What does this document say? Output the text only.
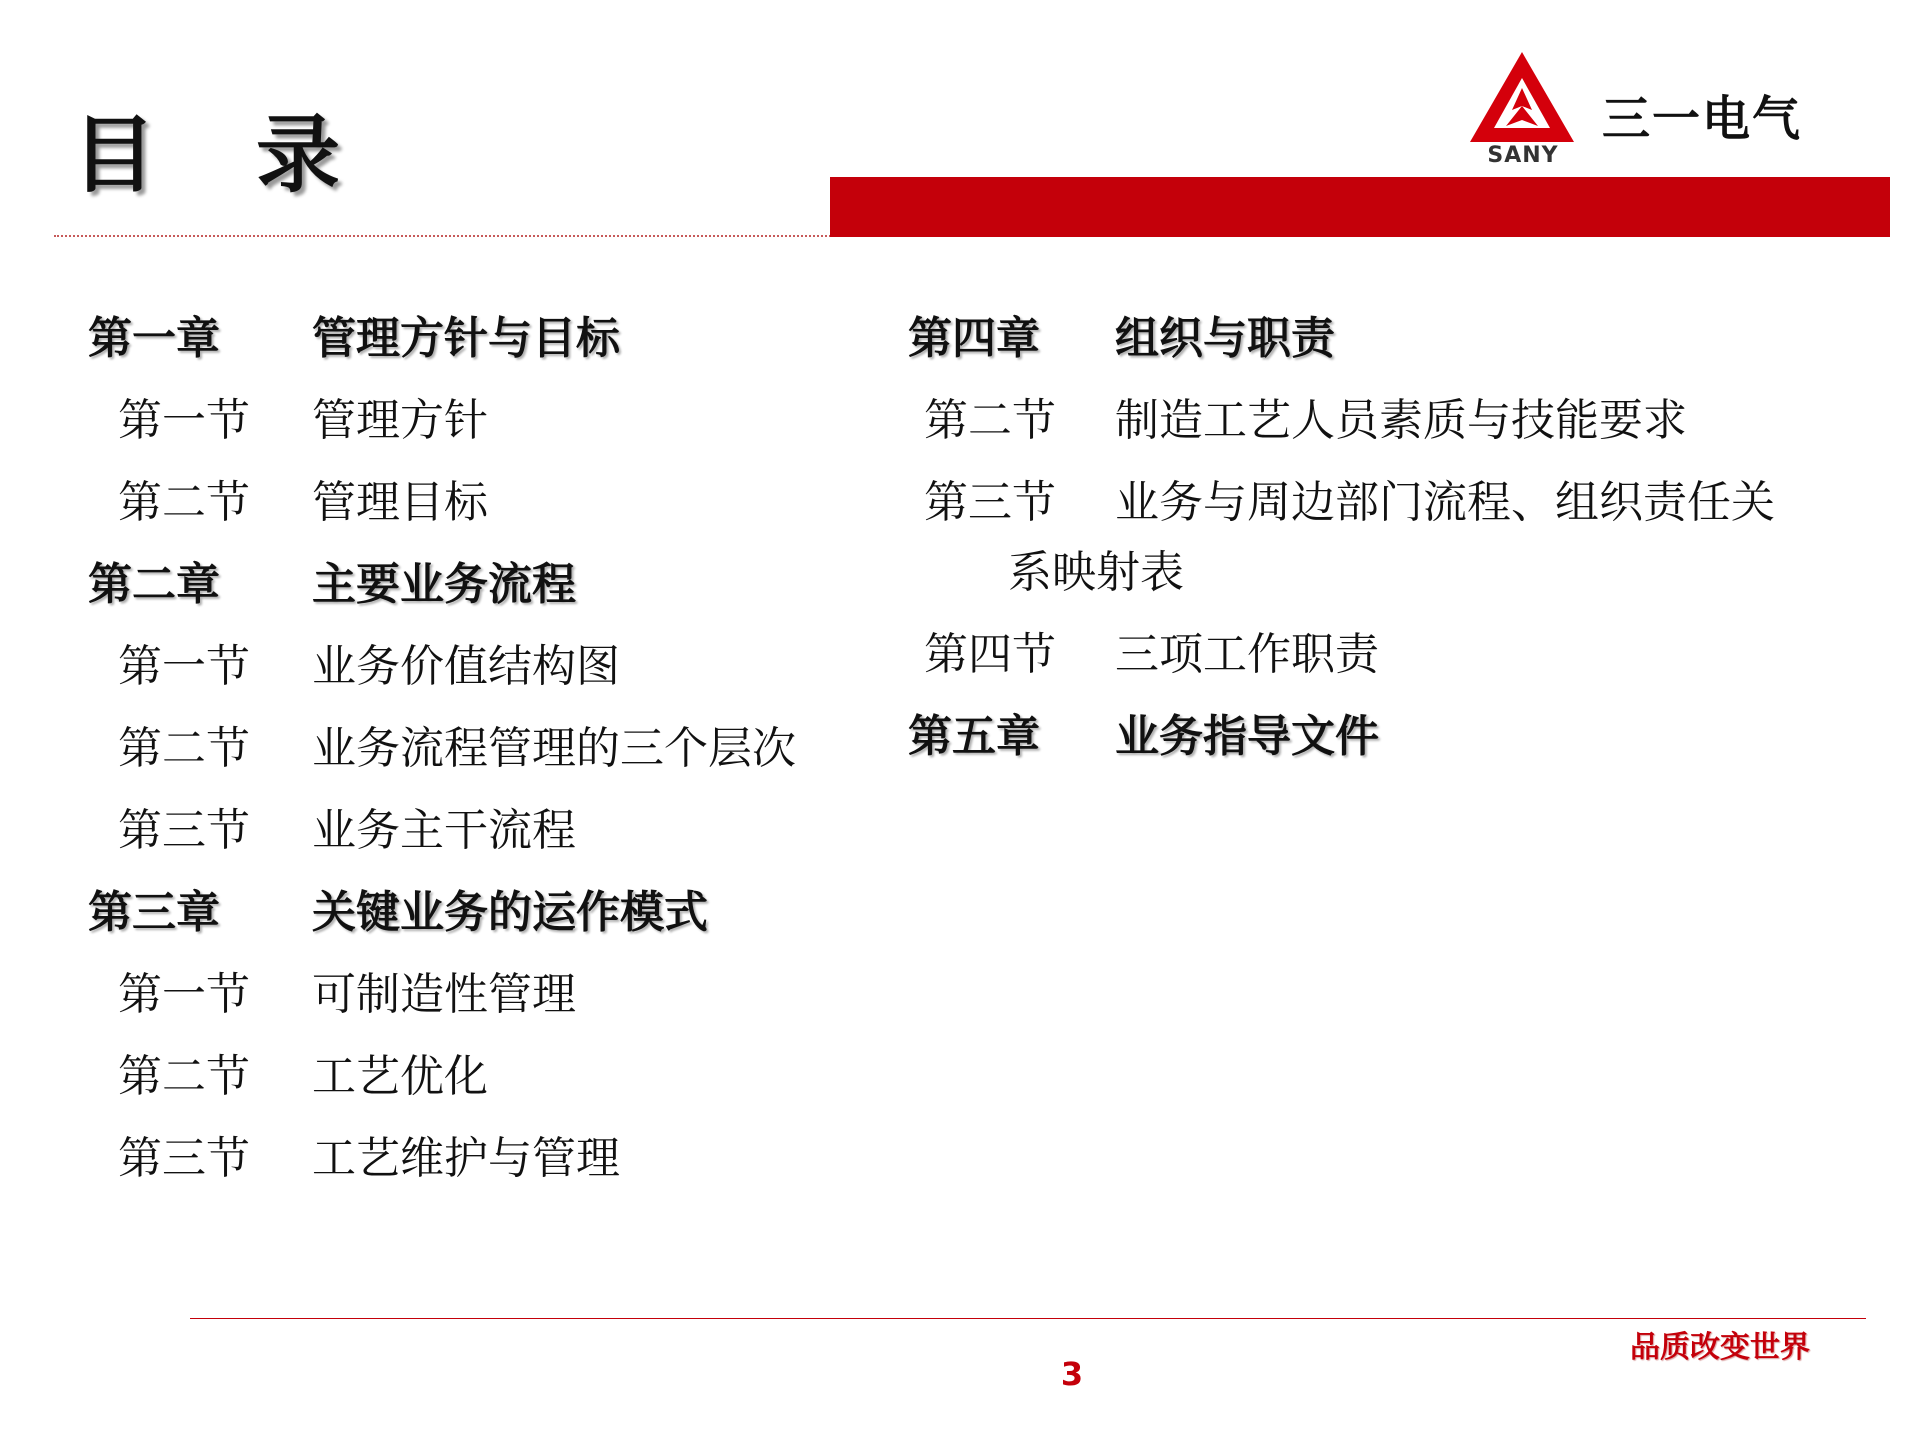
目 录	SANY
三一电气
第一章 管理方针与目标
第一节 管理方针
第二节 管理目标
第二章 主要业务流程
第一节 业务价值结构图
第二节 业务流程管理的三个层次
第三节 业务主干流程
第三章 关键业务的运作模式
第一节 可制造性管理
第二节 工艺优化
第三节 工艺维护与管理
第四章 组织与职责
第二节 制造工艺人员素质与技能要求
第三节 业务与周边部门流程、组织责任关
系映射表
第四节 三项工作职责
第五章 业务指导文件
品质改变世界
3
